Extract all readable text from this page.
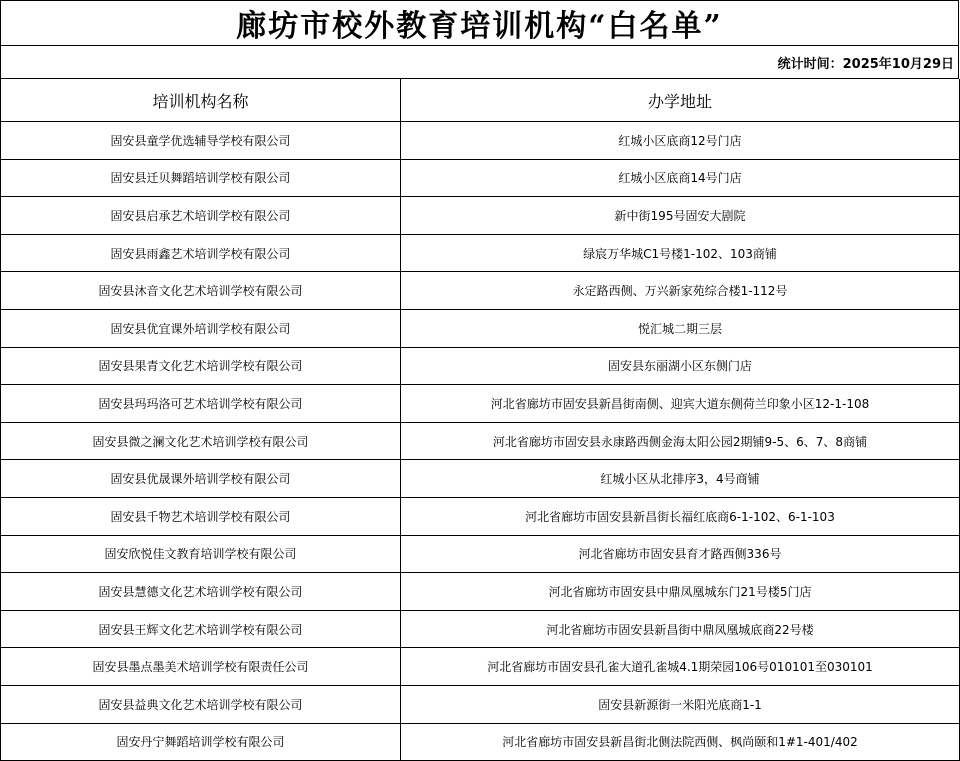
廊坊市校外教育培训机构“白名单”
统计时间：2025年10月29日
培训机构名称	办学地址
固安县童学优选辅导学校有限公司	红城小区底商12号门店
固安县迁贝舞蹈培训学校有限公司	红城小区底商14号门店
固安县启承艺术培训学校有限公司	新中街195号固安大剧院
固安县雨鑫艺术培训学校有限公司	绿宸万华城C1号楼1-102、103商铺
固安县沐音文化艺术培训学校有限公司	永定路西侧、万兴新家苑综合楼1-112号
固安县优宜课外培训学校有限公司	悦汇城二期三层
固安县果青文化艺术培训学校有限公司	固安县东丽湖小区东侧门店
固安县玛玛洛可艺术培训学校有限公司	河北省廊坊市固安县新昌街南侧、迎宾大道东侧荷兰印象小区12-1-108
固安县微之澜文化艺术培训学校有限公司	河北省廊坊市固安县永康路西侧金海太阳公园2期铺9-5、6、7、8商铺
固安县优晟课外培训学校有限公司	红城小区从北排序3，4号商铺
固安县千物艺术培训学校有限公司	河北省廊坊市固安县新昌街长福红底商6-1-102、6-1-103
固安欣悦佳文教育培训学校有限公司	河北省廊坊市固安县育才路西侧336号
固安县慧德文化艺术培训学校有限公司	河北省廊坊市固安县中鼎凤凰城东门21号楼5门店
固安县王辉文化艺术培训学校有限公司	河北省廊坊市固安县新昌街中鼎凤凰城底商22号楼
固安县墨点墨美术培训学校有限责任公司	河北省廊坊市固安县孔雀大道孔雀城4.1期荣园106号010101至030101
固安县益典文化艺术培训学校有限公司	固安县新源街一米阳光底商1-1
固安丹宁舞蹈培训学校有限公司	河北省廊坊市固安县新昌街北侧法院西侧、枫尚颐和1#1-401/402
